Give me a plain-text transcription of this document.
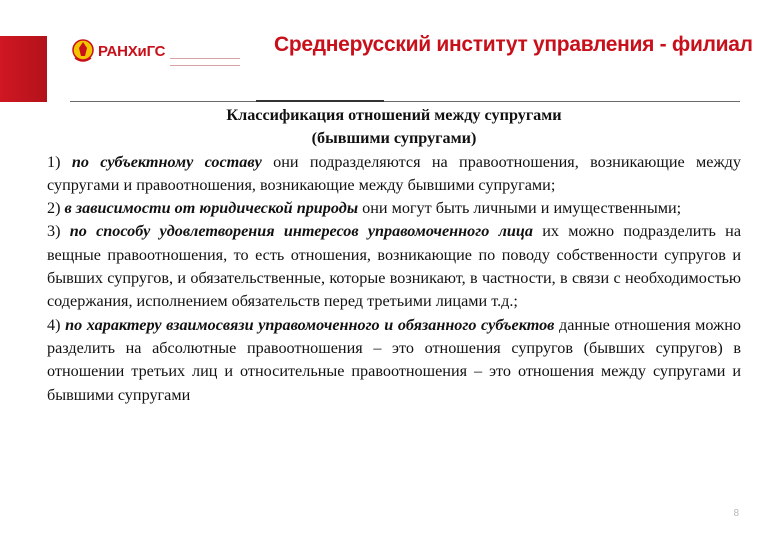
РАНХиГС	Среднерусский институт управления - филиал

Классификация отношений между супругами
(бывшими супругами)

1) по субъектному составу они подразделяются на правоотношения, возникающие между супругами и правоотношения, возникающие между бывшими супругами;

2) в зависимости от юридической природы они могут быть личными и имущественными;

3) по способу удовлетворения интересов управомоченного лица их можно подразделить на вещные правоотношения, то есть отношения, возникающие по поводу собственности супругов и бывших супругов, и обязательственные, которые возникают, в частности, в связи с необходимостью содержания, исполнением обязательств перед третьими лицами т.д.;

4) по характеру взаимосвязи управомоченного и обязанного субъектов данные отношения можно разделить на абсолютные правоотношения – это отношения супругов (бывших супругов) в отношении третьих лиц и относительные правоотношения – это отношения между супругами и бывшими супругами

8
